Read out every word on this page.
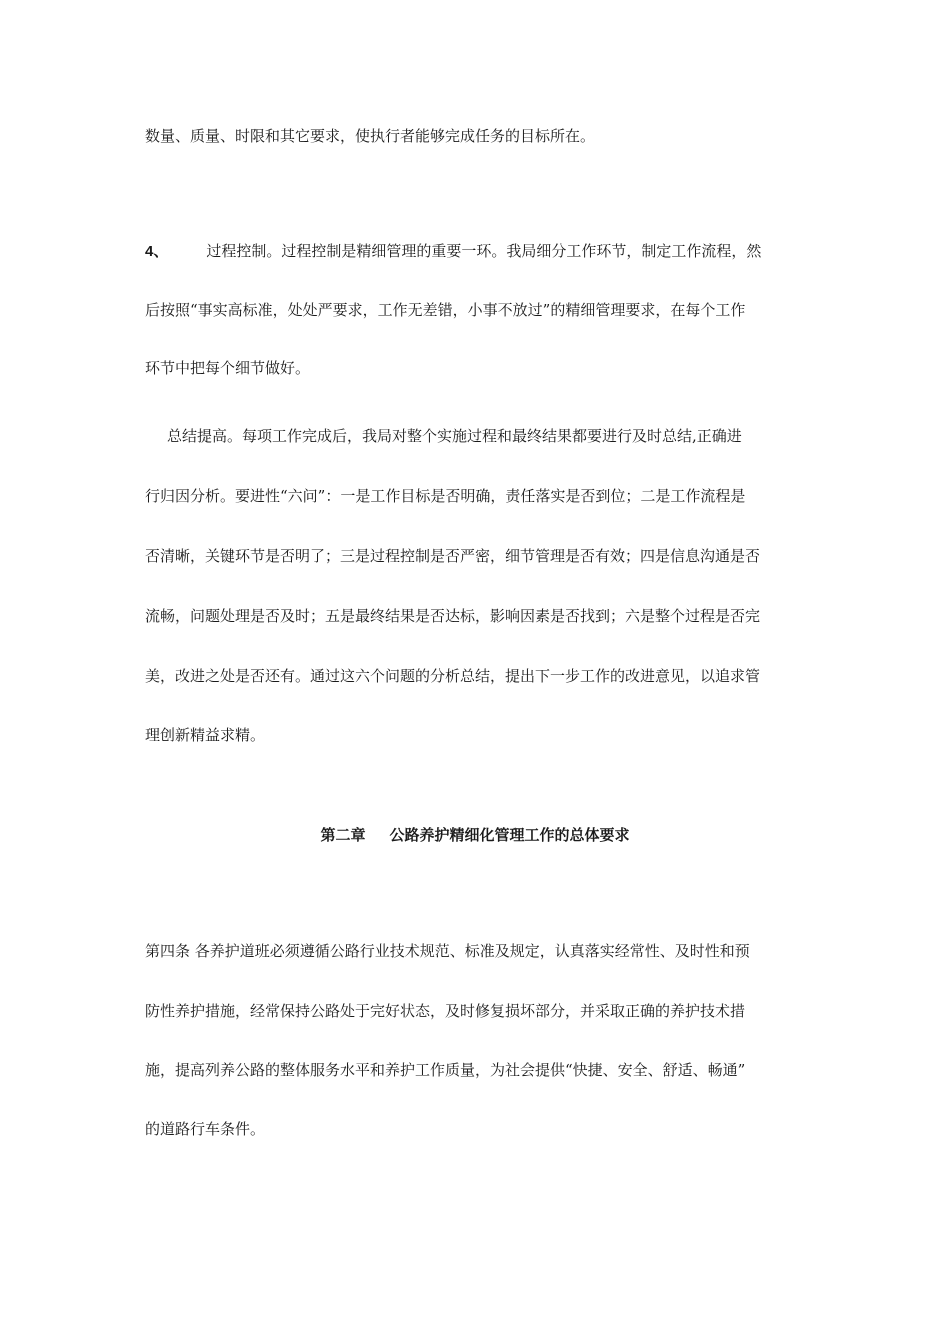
数量、质量、时限和其它要求，使执行者能够完成任务的目标所在。
4、	过程控制。过程控制是精细管理的重要一环。我局细分工作环节，制定工作流程，然
后按照“事实高标准，处处严要求，工作无差错，小事不放过”的精细管理要求，在每个工作
环节中把每个细节做好。
总结提高。每项工作完成后，我局对整个实施过程和最终结果都要进行及时总结,正确进
行归因分析。要进性“六问”：一是工作目标是否明确，责任落实是否到位；二是工作流程是
否清晰，关键环节是否明了；三是过程控制是否严密，细节管理是否有效；四是信息沟通是否
流畅，问题处理是否及时；五是最终结果是否达标，影响因素是否找到；六是整个过程是否完
美，改进之处是否还有。通过这六个问题的分析总结，提出下一步工作的改进意见，以追求管
理创新精益求精。
第二章 公路养护精细化管理工作的总体要求
第四条 各养护道班必须遵循公路行业技术规范、标准及规定，认真落实经常性、及时性和预
防性养护措施，经常保持公路处于完好状态，及时修复损坏部分，并采取正确的养护技术措
施，提高列养公路的整体服务水平和养护工作质量，为社会提供“快捷、安全、舒适、畅通”
的道路行车条件。
